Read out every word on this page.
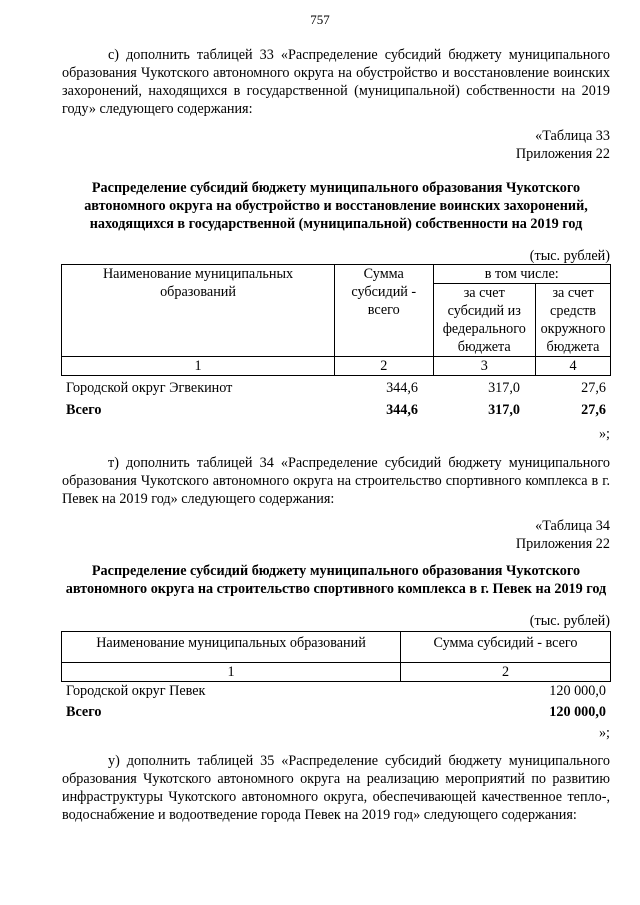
757

с) дополнить таблицей 33 «Распределение субсидий бюджету муниципального образования Чукотского автономного округа на обустройство и восстановление воинских захоронений, находящихся в государственной (муниципальной) собственности на 2019 году» следующего содержания:

«Таблица 33
Приложения 22
Распределение субсидий бюджету муниципального образования Чукотского автономного округа на обустройство и восстановление воинских захоронений, находящихся в государственной (муниципальной) собственности на 2019 год
(тыс. рублей)
Наименование муниципальных образований	Сумма субсидий - всего	в том числе:	
		за счет субсидий из федерального бюджета	за счет средств окружного бюджета
1	2	3	4
Городской округ Эгвекинот	344,6	317,0	27,6
Всего	344,6	317,0	27,6
»;

т) дополнить таблицей 34 «Распределение субсидий бюджету муниципального образования Чукотского автономного округа на строительство спортивного комплекса в г. Певек на 2019 год» следующего содержания:

«Таблица 34
Приложения 22
Распределение субсидий бюджету муниципального образования Чукотского автономного округа на строительство спортивного комплекса в г. Певек на 2019 год
(тыс. рублей)
Наименование муниципальных образований	Сумма субсидий - всего
1	2
Городской округ Певек	120 000,0
Всего	120 000,0
»;

у) дополнить таблицей 35 «Распределение субсидий бюджету муниципального образования Чукотского автономного округа на реализацию мероприятий по развитию инфраструктуры Чукотского автономного округа, обеспечивающей качественное тепло-, водоснабжение и водоотведение города Певек на 2019 год» следующего содержания:
